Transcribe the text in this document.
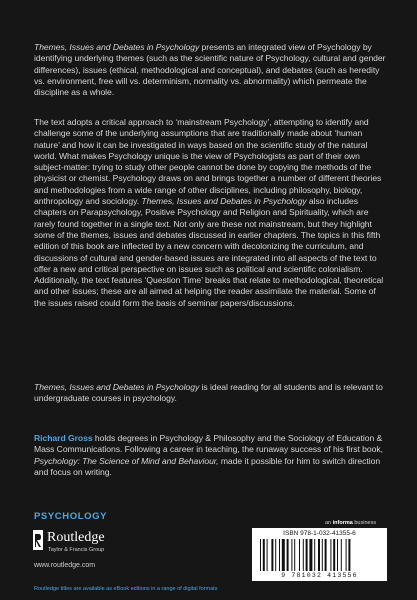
Themes, Issues and Debates in Psychology presents an integrated view of Psychology by identifying underlying themes (such as the scientific nature of Psychology, cultural and gender differences), issues (ethical, methodological and conceptual), and debates (such as heredity vs. environment, free will vs. determinism, normality vs. abnormality) which permeate the discipline as a whole.

The text adopts a critical approach to ‘mainstream Psychology’, attempting to identify and challenge some of the underlying assumptions that are traditionally made about ‘human nature’ and how it can be investigated in ways based on the scientific study of the natural world. What makes Psychology unique is the view of Psychologists as part of their own subject-matter: trying to study other people cannot be done by copying the methods of the physicist or chemist. Psychology draws on and brings together a number of different theories and methodologies from a wide range of other disciplines, including philosophy, biology, anthropology and sociology. Themes, Issues and Debates in Psychology also includes chapters on Parapsychology, Positive Psychology and Religion and Spirituality, which are rarely found together in a single text. Not only are these not mainstream, but they highlight some of the themes, issues and debates discussed in earlier chapters. The topics in this fifth edition of this book are inflected by a new concern with decolonizing the curriculum, and discussions of cultural and gender-based issues are integrated into all aspects of the text to offer a new and critical perspective on issues such as political and scientific colonialism. Additionally, the text features ‘Question Time’ breaks that relate to methodological, theoretical and other issues; these are all aimed at helping the reader assimilate the material. Some of the issues raised could form the basis of seminar papers/discussions.

Themes, Issues and Debates in Psychology is ideal reading for all students and is relevant to undergraduate courses in psychology.

Richard Gross holds degrees in Psychology & Philosophy and the Sociology of Education & Mass Communications. Following a career in teaching, the runaway success of his first book, Psychology: The Science of Mind and Behaviour, made it possible for him to switch direction and focus on writing.

PSYCHOLOGY
Routledge
Taylor & Francis Group
www.routledge.com
an informa business
ISBN 978-1-032-41355-6
9 781032 413556
Routledge titles are available as eBook editions in a range of digital formats
